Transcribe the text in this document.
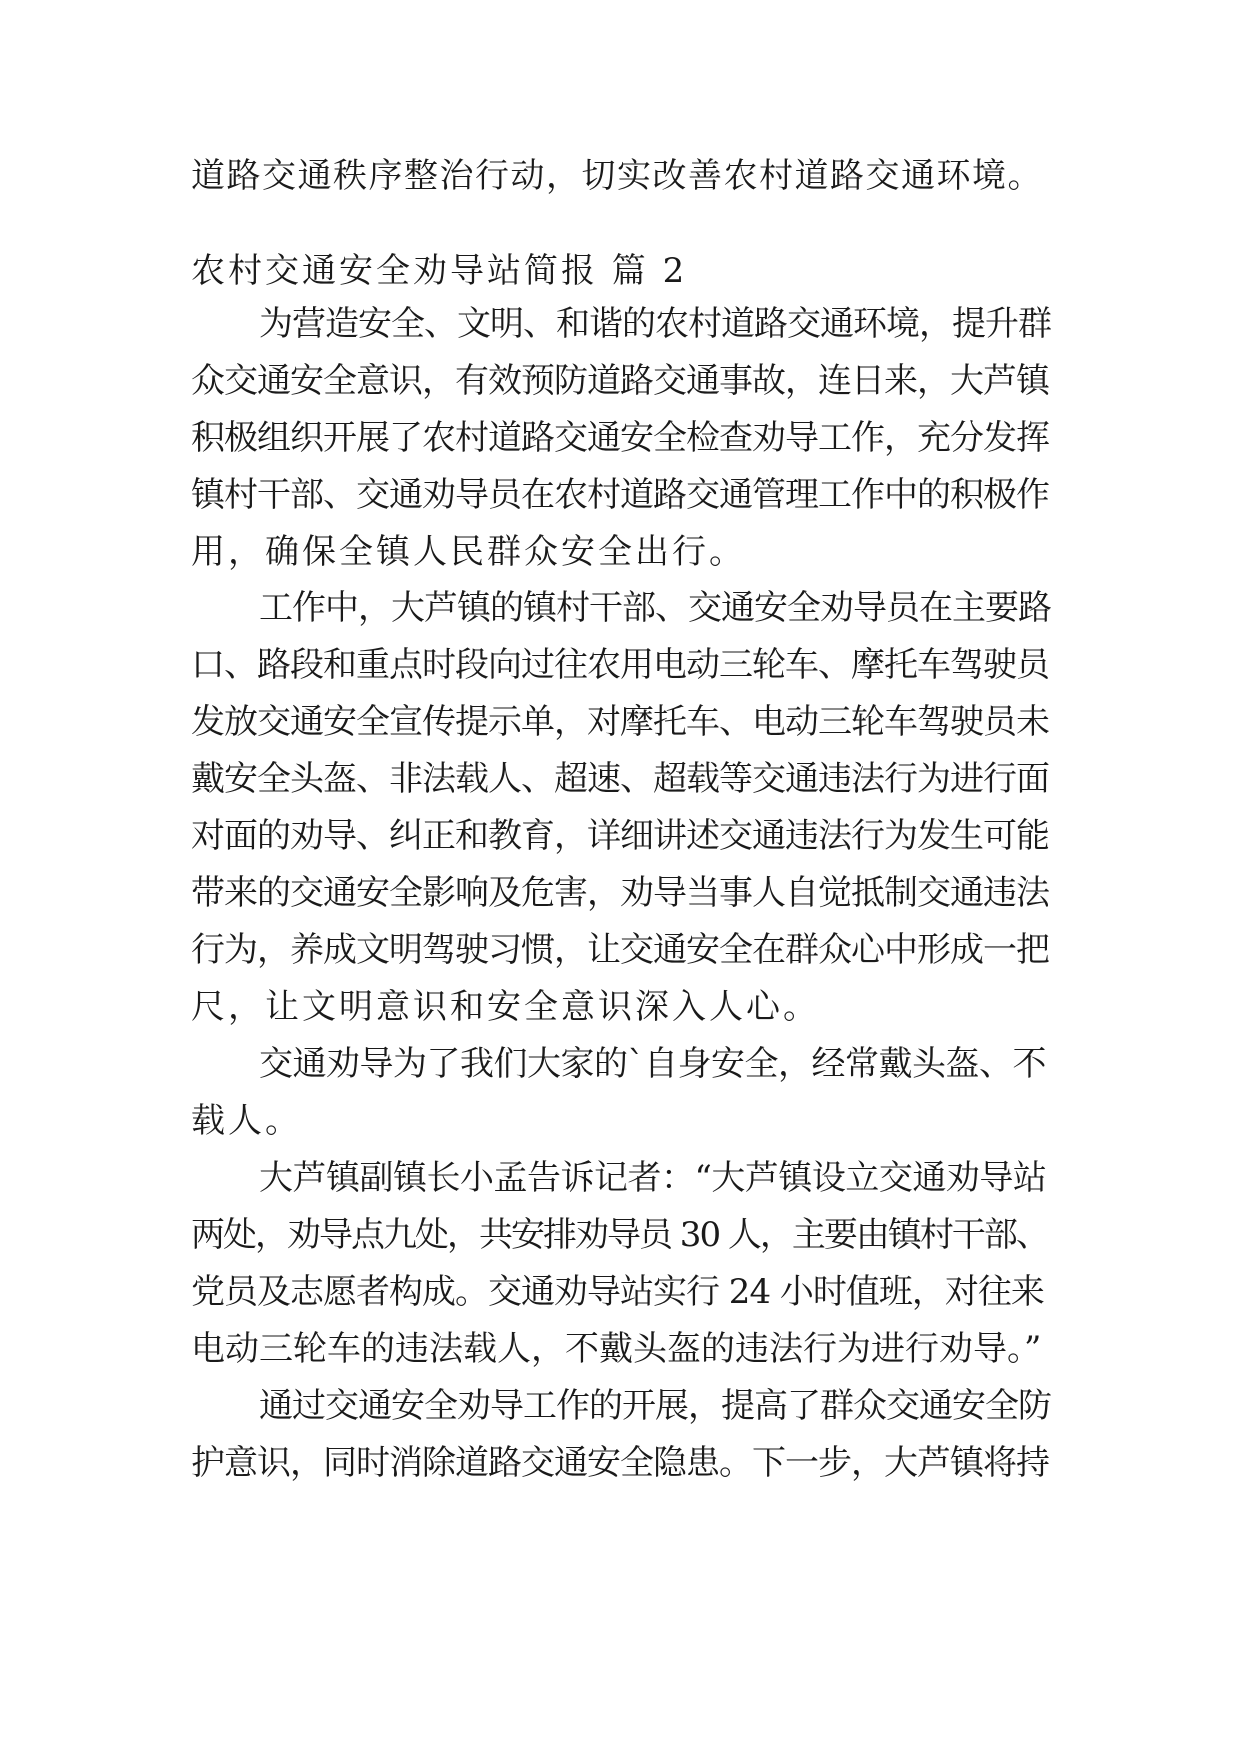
道路交通秩序整治行动，切实改善农村道路交通环境。
农村交通安全劝导站简报 篇 2
为营造安全、文明、和谐的农村道路交通环境，提升群
众交通安全意识，有效预防道路交通事故，连日来，大芦镇
积极组织开展了农村道路交通安全检查劝导工作，充分发挥
镇村干部、交通劝导员在农村道路交通管理工作中的积极作
用，确保全镇人民群众安全出行。
工作中，大芦镇的镇村干部、交通安全劝导员在主要路
口、路段和重点时段向过往农用电动三轮车、摩托车驾驶员
发放交通安全宣传提示单，对摩托车、电动三轮车驾驶员未
戴安全头盔、非法载人、超速、超载等交通违法行为进行面
对面的劝导、纠正和教育，详细讲述交通违法行为发生可能
带来的交通安全影响及危害，劝导当事人自觉抵制交通违法
行为，养成文明驾驶习惯，让交通安全在群众心中形成一把
尺，让文明意识和安全意识深入人心。
交通劝导为了我们大家的`自身安全，经常戴头盔、不
载人。
大芦镇副镇长小孟告诉记者：“大芦镇设立交通劝导站
两处，劝导点九处，共安排劝导员 30 人，主要由镇村干部、
党员及志愿者构成。交通劝导站实行 24 小时值班，对往来
电动三轮车的违法载人，不戴头盔的违法行为进行劝导。”
通过交通安全劝导工作的开展，提高了群众交通安全防
护意识，同时消除道路交通安全隐患。下一步，大芦镇将持
